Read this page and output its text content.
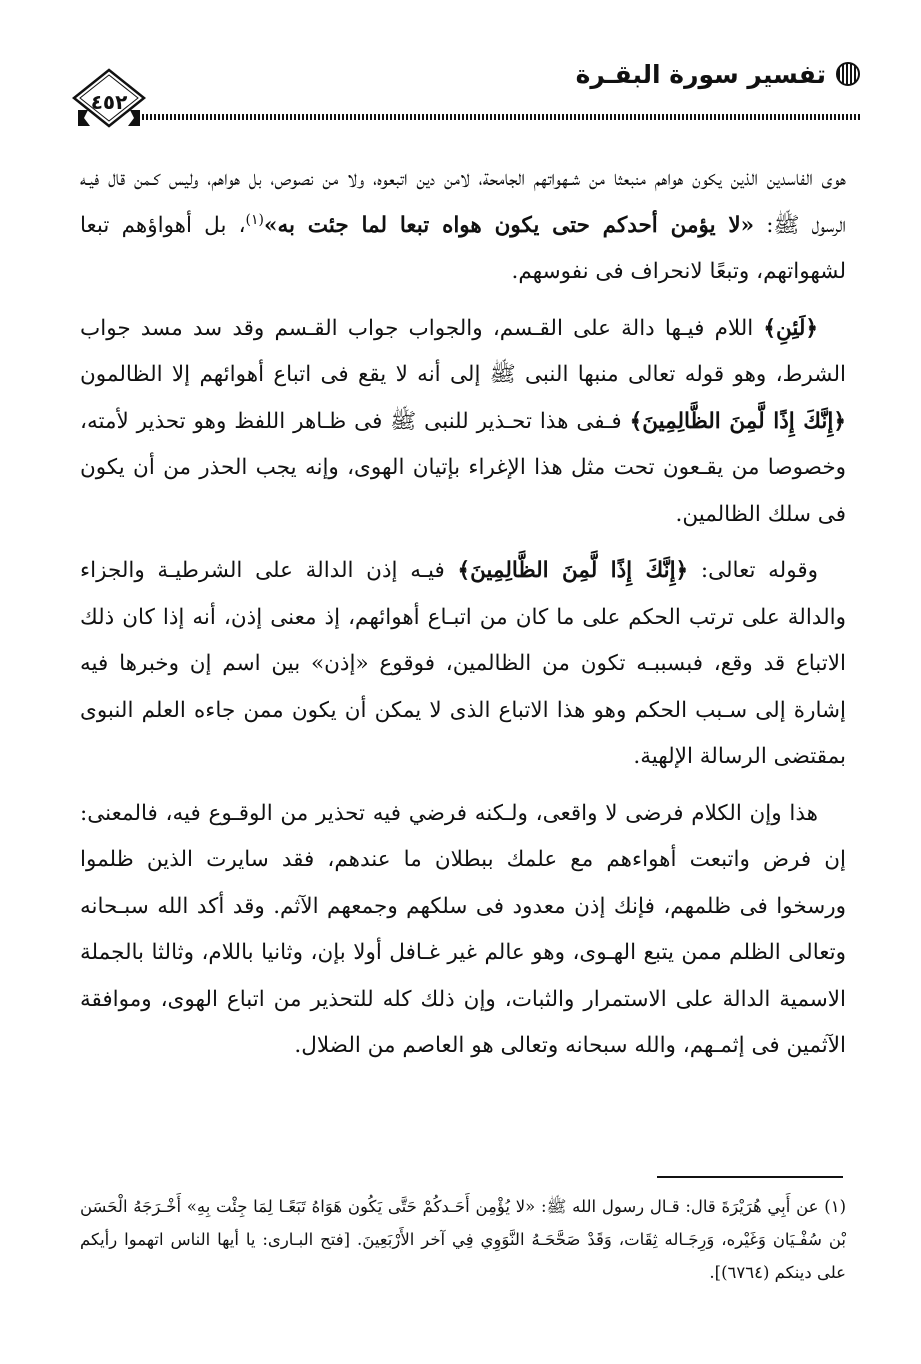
٤٥٢
تفسير سورة البقـرة

هوى الفاسدين الذين يكون هواهم منبعثا من شـهواتهم الجامحة، لامن دين اتبعوه، ولا من نصوص، بل هواهم، وليس كـمن قال فيـه الرسول ﷺ: «لا يؤمن أحدكم حتى يكون هواه تبعا لما جئت به»$^{(١)}$، بل أهواؤهم تبعا لشهواتهم، وتبعًا لانحراف فى نفوسهم.

﴿لَئِنِ﴾ اللام فيـها دالة على القـسم، والجواب جواب القـسم وقد سد مسد جواب الشرط، وهو قوله تعالى منبها النبى ﷺ إلى أنه لا يقع فى اتباع أهوائهم إلا الظالمون ﴿إِنَّكَ إِذًا لَّمِنَ الظَّالِمِينَ﴾ فـفى هذا تحـذير للنبى ﷺ فى ظـاهر اللفظ وهو تحذير لأمته، وخصوصا من يقـعون تحت مثل هذا الإغراء بإتيان الهوى، وإنه يجب الحذر من أن يكون فى سلك الظالمين.

وقوله تعالى: ﴿إِنَّكَ إِذًا لَّمِنَ الظَّالِمِينَ﴾ فيـه إذن الدالة على الشرطيـة والجزاء والدالة على ترتب الحكم على ما كان من اتبـاع أهوائهم، إذ معنى إذن، أنه إذا كان ذلك الاتباع قد وقع، فبسببـه تكون من الظالمين، فوقوع «إذن» بين اسم إن وخبرها فيه إشارة إلى سـبب الحكم وهو هذا الاتباع الذى لا يمكن أن يكون ممن جاءه العلم النبوى بمقتضى الرسالة الإلهية.

هذا وإن الكلام فرضى لا واقعى، ولـكنه فرضي فيه تحذير من الوقـوع فيه، فالمعنى: إن فرض واتبعت أهواءهم مع علمك ببطلان ما عندهم، فقد سايرت الذين ظلموا ورسخوا فى ظلمهم، فإنك إذن معدود فى سلكهم وجمعهم الآثم. وقد أكد الله سبـحانه وتعالى الظلم ممن يتبع الهـوى، وهو عالم غير غـافل أولا بإن، وثانيا باللام، وثالثا بالجملة الاسمية الدالة على الاستمرار والثبات، وإن ذلك كله للتحذير من اتباع الهوى، وموافقة الآثمين فى إثمـهم، والله سبحانه وتعالى هو العاصم من الضلال.

(١) عن أَبِي هُرَيْرَةَ قال: قـال رسول الله ﷺ: «لا يُؤْمِن أَحَـدكُمْ حَتَّى يَكُون هَوَاهُ تَبَعًـا لِمَا جِئْت بِهِ» أَخْـرَجَهُ الْحَسَن بْن سُفْـيَان وَغَيْره، وَرِجَـاله ثِقَات، وَقَدْ صَحَّحَـهُ النَّوَوِي فِي آخر الأَرْبَعِينَ. [فتح البـارى: يا أيها الناس اتهموا رأيكم على دينكم (٦٧٦٤)].
